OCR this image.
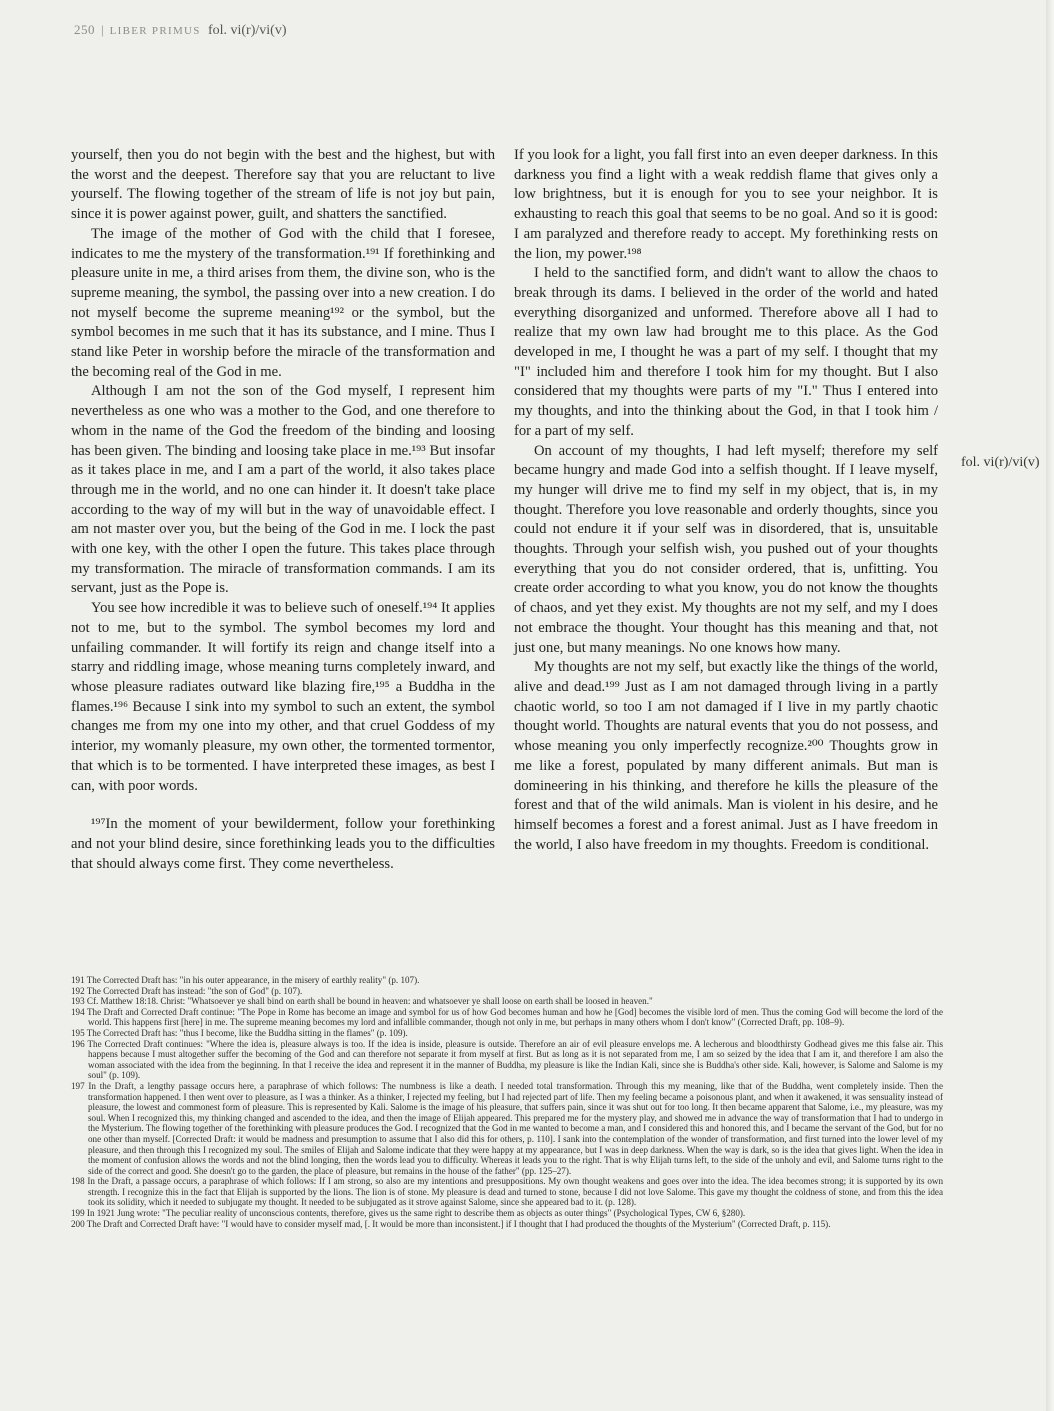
250 | LIBER PRIMUS fol. vi(r)/vi(v)

yourself, then you do not begin with the best and the highest, but with the worst and the deepest. Therefore say that you are reluctant to live yourself. The flowing together of the stream of life is not joy but pain, since it is power against power, guilt, and shatters the sanctified.

The image of the mother of God with the child that I foresee, indicates to me the mystery of the transformation.¹⁹¹ If forethinking and pleasure unite in me, a third arises from them, the divine son, who is the supreme meaning, the symbol, the passing over into a new creation. I do not myself become the supreme meaning¹⁹² or the symbol, but the symbol becomes in me such that it has its substance, and I mine. Thus I stand like Peter in worship before the miracle of the transformation and the becoming real of the God in me.

Although I am not the son of the God myself, I represent him nevertheless as one who was a mother to the God, and one therefore to whom in the name of the God the freedom of the binding and loosing has been given. The binding and loosing take place in me.¹⁹³ But insofar as it takes place in me, and I am a part of the world, it also takes place through me in the world, and no one can hinder it. It doesn't take place according to the way of my will but in the way of unavoidable effect. I am not master over you, but the being of the God in me. I lock the past with one key, with the other I open the future. This takes place through my transformation. The miracle of transformation commands. I am its servant, just as the Pope is.

You see how incredible it was to believe such of oneself.¹⁹⁴ It applies not to me, but to the symbol. The symbol becomes my lord and unfailing commander. It will fortify its reign and change itself into a starry and riddling image, whose meaning turns completely inward, and whose pleasure radiates outward like blazing fire,¹⁹⁵ a Buddha in the flames.¹⁹⁶ Because I sink into my symbol to such an extent, the symbol changes me from my one into my other, and that cruel Goddess of my interior, my womanly pleasure, my own other, the tormented tormentor, that which is to be tormented. I have interpreted these images, as best I can, with poor words.

¹⁹⁷In the moment of your bewilderment, follow your forethinking and not your blind desire, since forethinking leads you to the difficulties that should always come first. They come nevertheless.

If you look for a light, you fall first into an even deeper darkness. In this darkness you find a light with a weak reddish flame that gives only a low brightness, but it is enough for you to see your neighbor. It is exhausting to reach this goal that seems to be no goal. And so it is good: I am paralyzed and therefore ready to accept. My forethinking rests on the lion, my power.¹⁹⁸

I held to the sanctified form, and didn't want to allow the chaos to break through its dams. I believed in the order of the world and hated everything disorganized and unformed. Therefore above all I had to realize that my own law had brought me to this place. As the God developed in me, I thought he was a part of my self. I thought that my "I" included him and therefore I took him for my thought. But I also considered that my thoughts were parts of my "I." Thus I entered into my thoughts, and into the thinking about the God, in that I took him / for a part of my self.

On account of my thoughts, I had left myself; therefore my self became hungry and made God into a selfish thought. If I leave myself, my hunger will drive me to find my self in my object, that is, in my thought. Therefore you love reasonable and orderly thoughts, since you could not endure it if your self was in disordered, that is, unsuitable thoughts. Through your selfish wish, you pushed out of your thoughts everything that you do not consider ordered, that is, unfitting. You create order according to what you know, you do not know the thoughts of chaos, and yet they exist. My thoughts are not my self, and my I does not embrace the thought. Your thought has this meaning and that, not just one, but many meanings. No one knows how many.

My thoughts are not my self, but exactly like the things of the world, alive and dead.¹⁹⁹ Just as I am not damaged through living in a partly chaotic world, so too I am not damaged if I live in my partly chaotic thought world. Thoughts are natural events that you do not possess, and whose meaning you only imperfectly recognize.²⁰⁰ Thoughts grow in me like a forest, populated by many different animals. But man is domineering in his thinking, and therefore he kills the pleasure of the forest and that of the wild animals. Man is violent in his desire, and he himself becomes a forest and a forest animal. Just as I have freedom in the world, I also have freedom in my thoughts. Freedom is conditional.

fol. vi(r)/vi(v)
191 The Corrected Draft has: "in his outer appearance, in the misery of earthly reality" (p. 107).
192 The Corrected Draft has instead: "the son of God" (p. 107).
193 Cf. Matthew 18:18. Christ: "Whatsoever ye shall bind on earth shall be bound in heaven: and whatsoever ye shall loose on earth shall be loosed in heaven."
194 The Draft and Corrected Draft continue: "The Pope in Rome has become an image and symbol for us of how God becomes human and how he [God] becomes the visible lord of men. Thus the coming God will become the lord of the world. This happens first [here] in me. The supreme meaning becomes my lord and infallible commander, though not only in me, but perhaps in many others whom I don't know" (Corrected Draft, pp. 108–9).
195 The Corrected Draft has: "thus I become, like the Buddha sitting in the flames" (p. 109).
196 The Corrected Draft continues: "Where the idea is, pleasure always is too. If the idea is inside, pleasure is outside. Therefore an air of evil pleasure envelops me. A lecherous and bloodthirsty Godhead gives me this false air. This happens because I must altogether suffer the becoming of the God and can therefore not separate it from myself at first. But as long as it is not separated from me, I am so seized by the idea that I am it, and therefore I am also the woman associated with the idea from the beginning. In that I receive the idea and represent it in the manner of Buddha, my pleasure is like the Indian Kali, since she is Buddha's other side. Kali, however, is Salome and Salome is my soul" (p. 109).
197 In the Draft, a lengthy passage occurs here, a paraphrase of which follows: The numbness is like a death. I needed total transformation. Through this my meaning, like that of the Buddha, went completely inside. Then the transformation happened. I then went over to pleasure, as I was a thinker. As a thinker, I rejected my feeling, but I had rejected part of life. Then my feeling became a poisonous plant, and when it awakened, it was sensuality instead of pleasure, the lowest and commonest form of pleasure. This is represented by Kali. Salome is the image of his pleasure, that suffers pain, since it was shut out for too long. It then became apparent that Salome, i.e., my pleasure, was my soul. When I recognized this, my thinking changed and ascended to the idea, and then the image of Elijah appeared. This prepared me for the mystery play, and showed me in advance the way of transformation that I had to undergo in the Mysterium. The flowing together of the forethinking with pleasure produces the God. I recognized that the God in me wanted to become a man, and I considered this and honored this, and I became the servant of the God, but for no one other than myself. [Corrected Draft: it would be madness and presumption to assume that I also did this for others, p. 110]. I sank into the contemplation of the wonder of transformation, and first turned into the lower level of my pleasure, and then through this I recognized my soul. The smiles of Elijah and Salome indicate that they were happy at my appearance, but I was in deep darkness. When the way is dark, so is the idea that gives light. When the idea in the moment of confusion allows the words and not the blind longing, then the words lead you to difficulty. Whereas it leads you to the right. That is why Elijah turns left, to the side of the unholy and evil, and Salome turns right to the side of the correct and good. She doesn't go to the garden, the place of pleasure, but remains in the house of the father" (pp. 125–27).
198 In the Draft, a passage occurs, a paraphrase of which follows: If I am strong, so also are my intentions and presuppositions. My own thought weakens and goes over into the idea. The idea becomes strong; it is supported by its own strength. I recognize this in the fact that Elijah is supported by the lions. The lion is of stone. My pleasure is dead and turned to stone, because I did not love Salome. This gave my thought the coldness of stone, and from this the idea took its solidity, which it needed to subjugate my thought. It needed to be subjugated as it strove against Salome, since she appeared bad to it. (p. 128).
199 In 1921 Jung wrote: "The peculiar reality of unconscious contents, therefore, gives us the same right to describe them as objects as outer things" (Psychological Types, CW 6, §280).
200 The Draft and Corrected Draft have: "I would have to consider myself mad, [. It would be more than inconsistent.] if I thought that I had produced the thoughts of the Mysterium" (Corrected Draft, p. 115).
